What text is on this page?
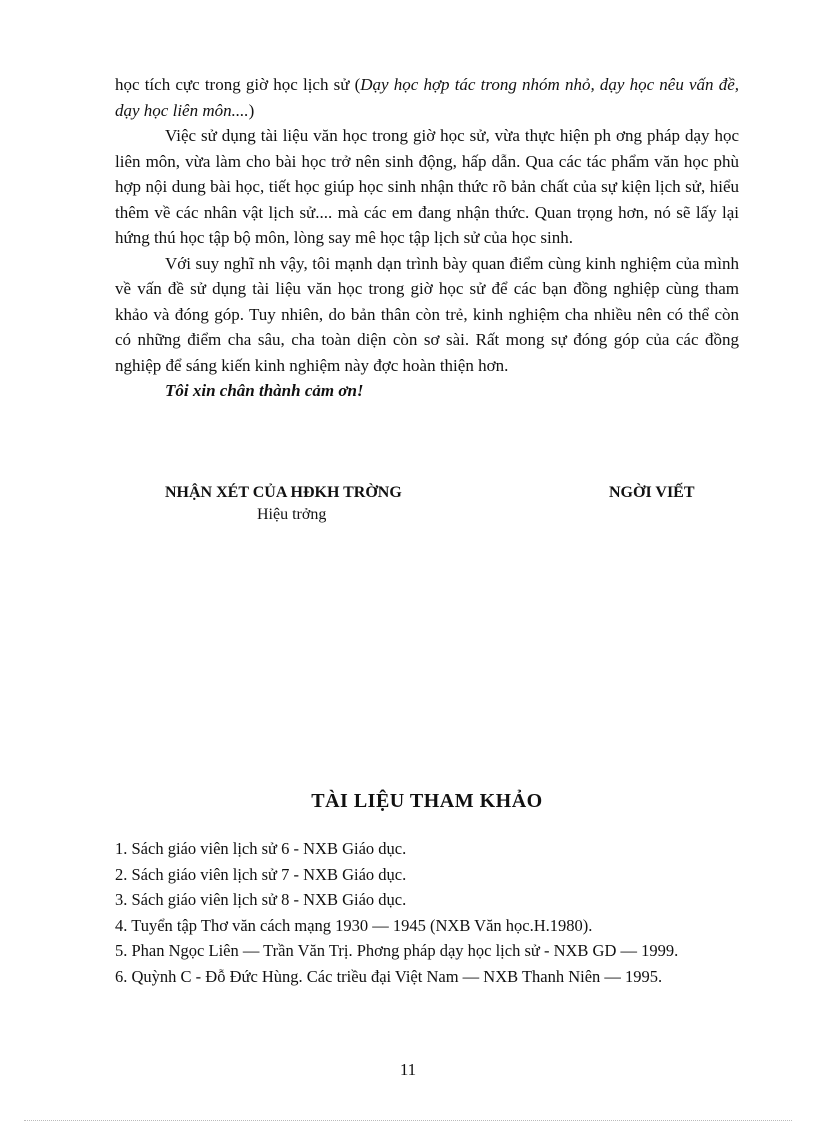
học tích cực trong giờ học lịch sử (Dạy học hợp tác trong nhóm nhỏ, dạy học nêu vấn đề, dạy học liên môn....)

Việc sử dụng tài liệu văn học trong giờ học sử, vừa thực hiện ph ơng pháp dạy học liên môn, vừa làm cho bài học trở nên sinh động, hấp dẫn. Qua các tác phẩm văn học phù hợp nội dung bài học, tiết học giúp học sinh nhận thức rõ bản chất của sự kiện lịch sử, hiểu thêm về các nhân vật lịch sử.... mà các em đang nhận thức. Quan trọng hơn, nó sẽ lấy lại hứng thú học tập bộ môn, lòng say mê học tập lịch sử của học sinh.

Với suy nghĩ nh vậy, tôi mạnh dạn trình bày quan điểm cùng kinh nghiệm của mình về vấn đề sử dụng tài liệu văn học trong giờ học sử để các bạn đồng nghiệp cùng tham khảo và đóng góp. Tuy nhiên, do bản thân còn trẻ, kinh nghiệm cha nhiều nên có thể còn có những điểm cha sâu, cha toàn diện còn sơ sài. Rất mong sự đóng góp của các đồng nghiệp để sáng kiến kinh nghiệm này đợc hoàn thiện hơn.

Tôi xin chân thành cảm ơn!
NHẬN XÉT CỦA HĐKH TRỜNG
Hiệu trởng
NGỜI VIẾT
TÀI LIỆU THAM KHẢO
1. Sách giáo viên lịch sử 6 - NXB Giáo dục.
2. Sách giáo viên lịch sử 7 - NXB Giáo dục.
3. Sách giáo viên lịch sử 8 - NXB Giáo dục.
4. Tuyển tập Thơ văn cách mạng 1930 — 1945 (NXB Văn học.H.1980).
5. Phan Ngọc Liên — Trần Văn Trị. Phơng pháp dạy học lịch sử - NXB GD — 1999.
6. Quỳnh C - Đỗ Đức Hùng. Các triều đại Việt Nam — NXB Thanh Niên — 1995.
11
